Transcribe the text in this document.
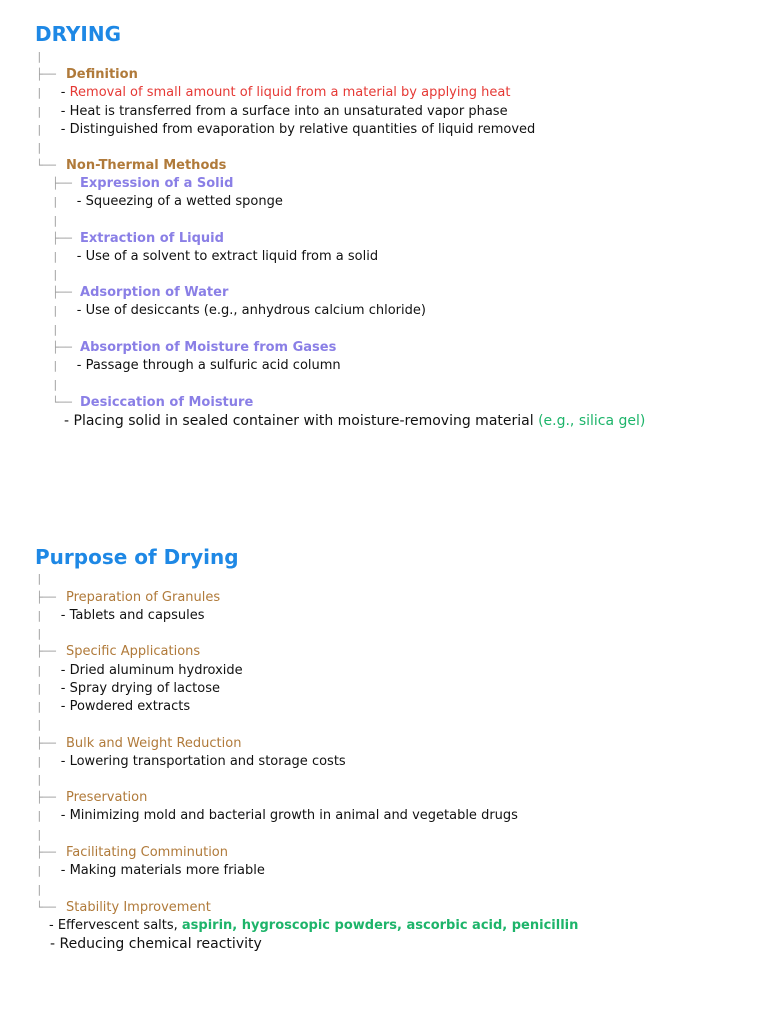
DRYING
|
├── Definition
| - Removal of small amount of liquid from a material by applying heat
| - Heat is transferred from a surface into an unsaturated vapor phase
| - Distinguished from evaporation by relative quantities of liquid removed
|
└── Non-Thermal Methods
├── Expression of a Solid
| - Squeezing of a wetted sponge
|
├── Extraction of Liquid
| - Use of a solvent to extract liquid from a solid
|
├── Adsorption of Water
| - Use of desiccants (e.g., anhydrous calcium chloride)
|
├── Absorption of Moisture from Gases
| - Passage through a sulfuric acid column
|
└── Desiccation of Moisture
- Placing solid in sealed container with moisture-removing material (e.g., silica gel)
Purpose of Drying
|
├── Preparation of Granules
| - Tablets and capsules
|
├── Specific Applications
| - Dried aluminum hydroxide
| - Spray drying of lactose
| - Powdered extracts
|
├── Bulk and Weight Reduction
| - Lowering transportation and storage costs
|
├── Preservation
| - Minimizing mold and bacterial growth in animal and vegetable drugs
|
├── Facilitating Comminution
| - Making materials more friable
|
└── Stability Improvement
- Effervescent salts, aspirin, hygroscopic powders, ascorbic acid, penicillin
- Reducing chemical reactivity
